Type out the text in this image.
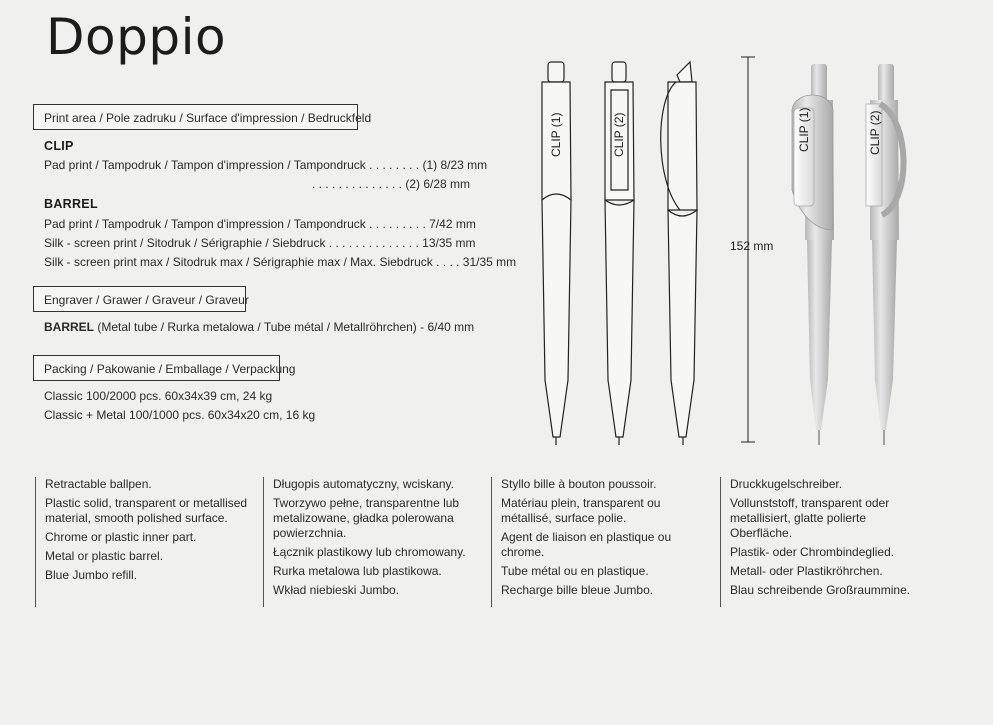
Doppio
Print area / Pole zadruku / Surface d'impression / Bedruckfeld
CLIP
Pad print / Tampodruk / Tampon d'impression / Tampondruck . . . . . . . . (1) 8/23 mm
. . . . . . . . . . . . . . (2) 6/28 mm
BARREL
Pad print / Tampodruk / Tampon d'impression / Tampondruck . . . . . . . . . 7/42 mm
Silk - screen print / Sitodruk / Sérigraphie / Siebdruck . . . . . . . . . . . . . . 13/35 mm
Silk - screen print max / Sitodruk max / Sérigraphie max / Max. Siebdruck . . . . 31/35 mm
Engraver / Grawer / Graveur / Graveur
BARREL (Metal tube / Rurka metalowa / Tube métal / Metallröhrchen) - 6/40 mm
Packing / Pakowanie / Emballage / Verpackung
Classic 100/2000 pcs. 60x34x39 cm, 24 kg
Classic + Metal 100/1000 pcs. 60x34x20 cm, 16 kg
CLIP (1)	CLIP (2)	CLIP (1)	CLIP (2)
152 mm
Retractable ballpen.
Plastic solid, transparent or metallised material, smooth polished surface.
Chrome or plastic inner part.
Metal or plastic barrel.
Blue Jumbo refill.
Długopis automatyczny, wciskany.
Tworzywo pełne, transparentne lub metalizowane, gładka polerowana powierzchnia.
Łącznik plastikowy lub chromowany.
Rurka metalowa lub plastikowa.
Wkład niebieski Jumbo.
Styllo bille à bouton poussoir.
Matériau plein, transparent ou métallisé, surface polie.
Agent de liaison en plastique ou chrome.
Tube métal ou en plastique.
Recharge bille bleue Jumbo.
Druckkugelschreiber.
Vollunststoff, transparent oder metallisiert, glatte polierte Oberfläche.
Plastik- oder Chrombindeglied.
Metall- oder Plastikröhrchen.
Blau schreibende Großraummine.
